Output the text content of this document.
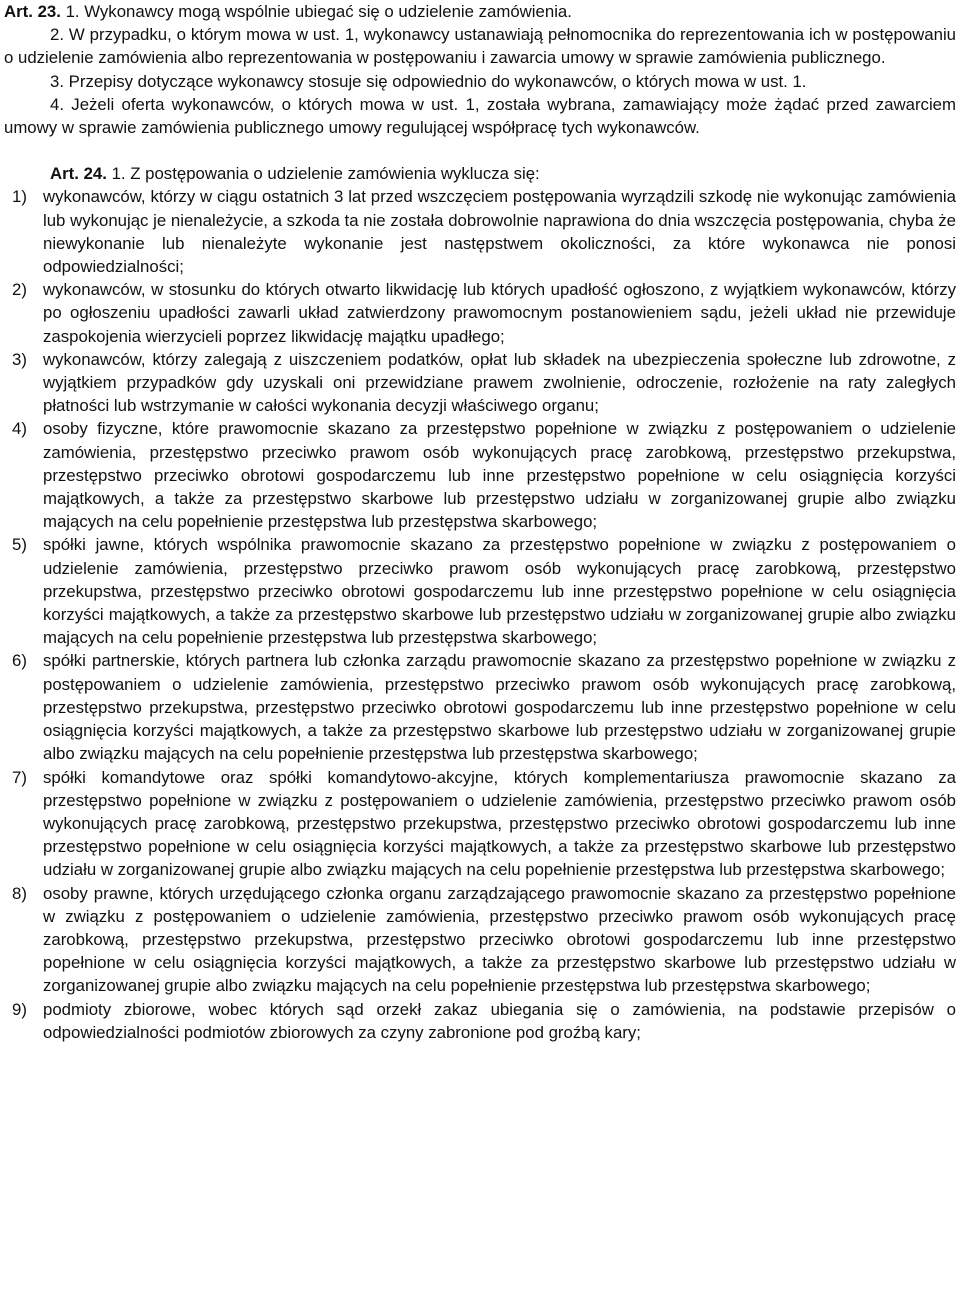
Art. 23. 1. Wykonawcy mogą wspólnie ubiegać się o udzielenie zamówienia.

2. W przypadku, o którym mowa w ust. 1, wykonawcy ustanawiają pełnomocnika do reprezentowania ich w postępowaniu o udzielenie zamówienia albo reprezentowania w postępowaniu i zawarcia umowy w sprawie zamówienia publicznego.

3. Przepisy dotyczące wykonawcy stosuje się odpowiednio do wykonawców, o których mowa w ust. 1.

4. Jeżeli oferta wykonawców, o których mowa w ust. 1, została wybrana, zamawiający może żądać przed zawarciem umowy w sprawie zamówienia publicznego umowy regulującej współpracę tych wykonawców.

Art. 24. 1. Z postępowania o udzielenie zamówienia wyklucza się:

1) wykonawców, którzy w ciągu ostatnich 3 lat przed wszczęciem postępowania wyrządzili szkodę nie wykonując zamówienia lub wykonując je nienależycie, a szkoda ta nie została dobrowolnie naprawiona do dnia wszczęcia postępowania, chyba że niewykonanie lub nienależyte wykonanie jest następstwem okoliczności, za które wykonawca nie ponosi odpowiedzialności;
2) wykonawców, w stosunku do których otwarto likwidację lub których upadłość ogłoszono, z wyjątkiem wykonawców, którzy po ogłoszeniu upadłości zawarli układ zatwierdzony prawomocnym postanowieniem sądu, jeżeli układ nie przewiduje zaspokojenia wierzycieli poprzez likwidację majątku upadłego;
3) wykonawców, którzy zalegają z uiszczeniem podatków, opłat lub składek na ubezpieczenia społeczne lub zdrowotne, z wyjątkiem przypadków gdy uzyskali oni przewidziane prawem zwolnienie, odroczenie, rozłożenie na raty zaległych płatności lub wstrzymanie w całości wykonania decyzji właściwego organu;
4) osoby fizyczne, które prawomocnie skazano za przestępstwo popełnione w związku z postępowaniem o udzielenie zamówienia, przestępstwo przeciwko prawom osób wykonujących pracę zarobkową, przestępstwo przekupstwa, przestępstwo przeciwko obrotowi gospodarczemu lub inne przestępstwo popełnione w celu osiągnięcia korzyści majątkowych, a także za przestępstwo skarbowe lub przestępstwo udziału w zorganizowanej grupie albo związku mających na celu popełnienie przestępstwa lub przestępstwa skarbowego;
5) spółki jawne, których wspólnika prawomocnie skazano za przestępstwo popełnione w związku z postępowaniem o udzielenie zamówienia, przestępstwo przeciwko prawom osób wykonujących pracę zarobkową, przestępstwo przekupstwa, przestępstwo przeciwko obrotowi gospodarczemu lub inne przestępstwo popełnione w celu osiągnięcia korzyści majątkowych, a także za przestępstwo skarbowe lub przestępstwo udziału w zorganizowanej grupie albo związku mających na celu popełnienie przestępstwa lub przestępstwa skarbowego;
6) spółki partnerskie, których partnera lub członka zarządu prawomocnie skazano za przestępstwo popełnione w związku z postępowaniem o udzielenie zamówienia, przestępstwo przeciwko prawom osób wykonujących pracę zarobkową, przestępstwo przekupstwa, przestępstwo przeciwko obrotowi gospodarczemu lub inne przestępstwo popełnione w celu osiągnięcia korzyści majątkowych, a także za przestępstwo skarbowe lub przestępstwo udziału w zorganizowanej grupie albo związku mających na celu popełnienie przestępstwa lub przestępstwa skarbowego;
7) spółki komandytowe oraz spółki komandytowo-akcyjne, których komplementariusza prawomocnie skazano za przestępstwo popełnione w związku z postępowaniem o udzielenie zamówienia, przestępstwo przeciwko prawom osób wykonujących pracę zarobkową, przestępstwo przekupstwa, przestępstwo przeciwko obrotowi gospodarczemu lub inne przestępstwo popełnione w celu osiągnięcia korzyści majątkowych, a także za przestępstwo skarbowe lub przestępstwo udziału w zorganizowanej grupie albo związku mających na celu popełnienie przestępstwa lub przestępstwa skarbowego;
8) osoby prawne, których urzędującego członka organu zarządzającego prawomocnie skazano za przestępstwo popełnione w związku z postępowaniem o udzielenie zamówienia, przestępstwo przeciwko prawom osób wykonujących pracę zarobkową, przestępstwo przekupstwa, przestępstwo przeciwko obrotowi gospodarczemu lub inne przestępstwo popełnione w celu osiągnięcia korzyści majątkowych, a także za przestępstwo skarbowe lub przestępstwo udziału w zorganizowanej grupie albo związku mających na celu popełnienie przestępstwa lub przestępstwa skarbowego;
9) podmioty zbiorowe, wobec których sąd orzekł zakaz ubiegania się o zamówienia, na podstawie przepisów o odpowiedzialności podmiotów zbiorowych za czyny zabronione pod groźbą kary;
